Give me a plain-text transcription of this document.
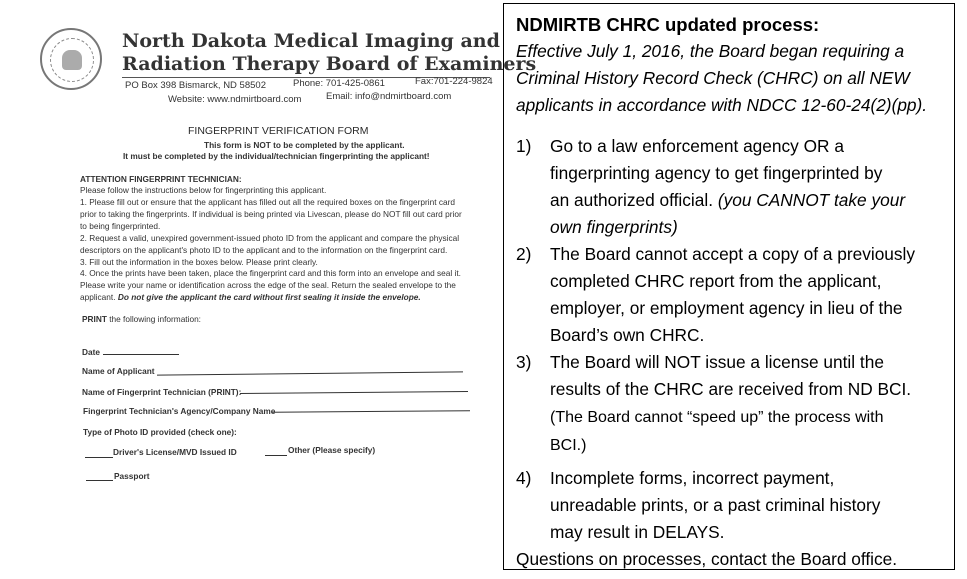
North Dakota Medical Imaging and
Radiation Therapy Board of Examiners
PO Box 398 Bismarck, ND 58502	Phone: 701-425-0861	Fax:701-224-9824
Website: www.ndmirtboard.com	Email: info@ndmirtboard.com
FINGERPRINT VERIFICATION FORM
This form is NOT to be completed by the applicant.
It must be completed by the individual/technician fingerprinting the applicant!
ATTENTION FINGERPRINT TECHNICIAN:
Please follow the instructions below for fingerprinting this applicant.
1. Please fill out or ensure that the applicant has filled out all the required boxes on the fingerprint card
prior to taking the fingerprints. If individual is being printed via Livescan, please do NOT fill out card prior
to being fingerprinted.
2. Request a valid, unexpired government-issued photo ID from the applicant and compare the physical
descriptors on the applicant's photo ID to the applicant and to the information on the fingerprint card.
3. Fill out the information in the boxes below. Please print clearly.
4. Once the prints have been taken, place the fingerprint card and this form into an envelope and seal it.
Please write your name or identification across the edge of the seal. Return the sealed envelope to the
applicant. Do not give the applicant the card without first sealing it inside the envelope.
PRINT the following information:
Date
Name of Applicant
Name of Fingerprint Technician (PRINT):
Fingerprint Technician's Agency/Company Name
Type of Photo ID provided (check one):
Driver's License/MVD Issued ID	Other (Please specify)
Passport
NDMIRTB CHRC updated process:
Effective July 1, 2016, the Board began requiring a
Criminal History Record Check (CHRC) on all NEW
applicants in accordance with NDCC 12-60-24(2)(pp).
1)	Go to a law enforcement agency OR a
fingerprinting agency to get fingerprinted by
an authorized official. (you CANNOT take your
own fingerprints)
2)	The Board cannot accept a copy of a previously
completed CHRC report from the applicant,
employer, or employment agency in lieu of the
Board’s own CHRC.
3)	The Board will NOT issue a license until the
results of the CHRC are received from ND BCI.
(The Board cannot “speed up” the process with
BCI.)
4)	Incomplete forms, incorrect payment,
unreadable prints, or a past criminal history
may result in DELAYS.
Questions on processes, contact the Board office.
